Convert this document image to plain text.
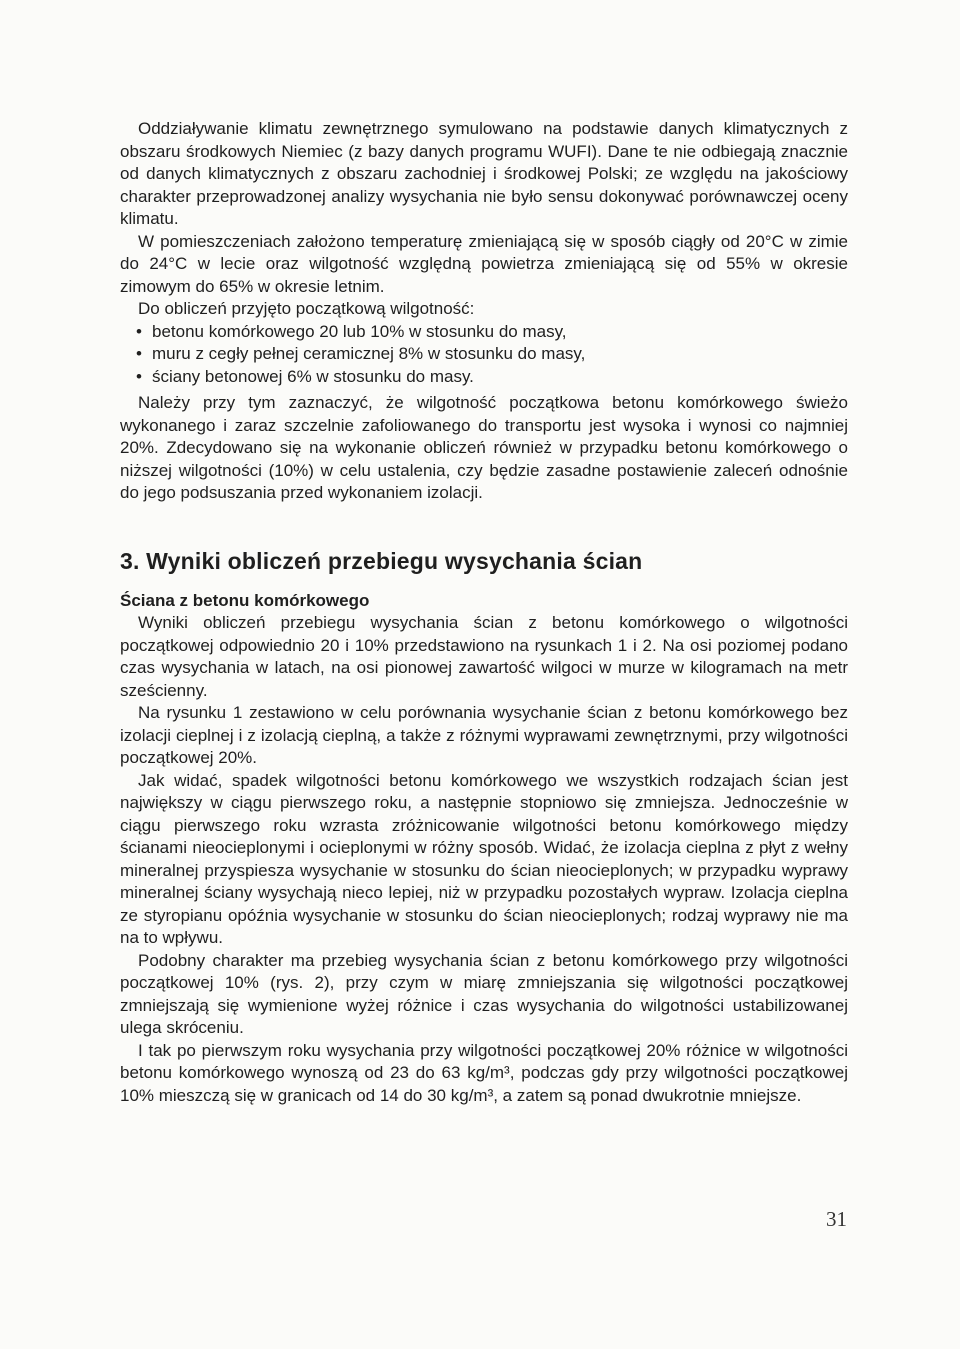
Oddziaływanie klimatu zewnętrznego symulowano na podstawie danych klimatycznych z obszaru środkowych Niemiec (z bazy danych programu WUFI). Dane te nie odbiegają znacznie od danych klimatycznych z obszaru zachodniej i środkowej Polski; ze względu na jakościowy charakter przeprowadzonej analizy wysychania nie było sensu dokonywać porównawczej oceny klimatu.

W pomieszczeniach założono temperaturę zmieniającą się w sposób ciągły od 20°C w zimie do 24°C w lecie oraz wilgotność względną powietrza zmieniającą się od 55% w okresie zimowym do 65% w okresie letnim.

Do obliczeń przyjęto początkową wilgotność:

• betonu komórkowego 20 lub 10% w stosunku do masy,
• muru z cegły pełnej ceramicznej 8% w stosunku do masy,
• ściany betonowej 6% w stosunku do masy.

Należy przy tym zaznaczyć, że wilgotność początkowa betonu komórkowego świeżo wykonanego i zaraz szczelnie zafoliowanego do transportu jest wysoka i wynosi co najmniej 20%. Zdecydowano się na wykonanie obliczeń również w przypadku betonu komórkowego o niższej wilgotności (10%) w celu ustalenia, czy będzie zasadne postawienie zaleceń odnośnie do jego podsuszania przed wykonaniem izolacji.

3. Wyniki obliczeń przebiegu wysychania ścian
Ściana z betonu komórkowego

Wyniki obliczeń przebiegu wysychania ścian z betonu komórkowego o wilgotności początkowej odpowiednio 20 i 10% przedstawiono na rysunkach 1 i 2. Na osi poziomej podano czas wysychania w latach, na osi pionowej zawartość wilgoci w murze w kilogramach na metr sześcienny.

Na rysunku 1 zestawiono w celu porównania wysychanie ścian z betonu komórkowego bez izolacji cieplnej i z izolacją cieplną, a także z różnymi wyprawami zewnętrznymi, przy wilgotności początkowej 20%.

Jak widać, spadek wilgotności betonu komórkowego we wszystkich rodzajach ścian jest największy w ciągu pierwszego roku, a następnie stopniowo się zmniejsza. Jednocześnie w ciągu pierwszego roku wzrasta zróżnicowanie wilgotności betonu komórkowego między ścianami nieocieplonymi i ocieplonymi w różny sposób. Widać, że izolacja cieplna z płyt z wełny mineralnej przyspiesza wysychanie w stosunku do ścian nieocieplonych; w przypadku wyprawy mineralnej ściany wysychają nieco lepiej, niż w przypadku pozostałych wypraw. Izolacja cieplna ze styropianu opóźnia wysychanie w stosunku do ścian nieocieplonych; rodzaj wyprawy nie ma na to wpływu.

Podobny charakter ma przebieg wysychania ścian z betonu komórkowego przy wilgotności początkowej 10% (rys. 2), przy czym w miarę zmniejszania się wilgotności początkowej zmniejszają się wymienione wyżej różnice i czas wysychania do wilgotności ustabilizowanej ulega skróceniu.

I tak po pierwszym roku wysychania przy wilgotności początkowej 20% różnice w wilgotności betonu komórkowego wynoszą od 23 do 63 kg/m³, podczas gdy przy wilgotności początkowej 10% mieszczą się w granicach od 14 do 30 kg/m³, a zatem są ponad dwukrotnie mniejsze.

31
